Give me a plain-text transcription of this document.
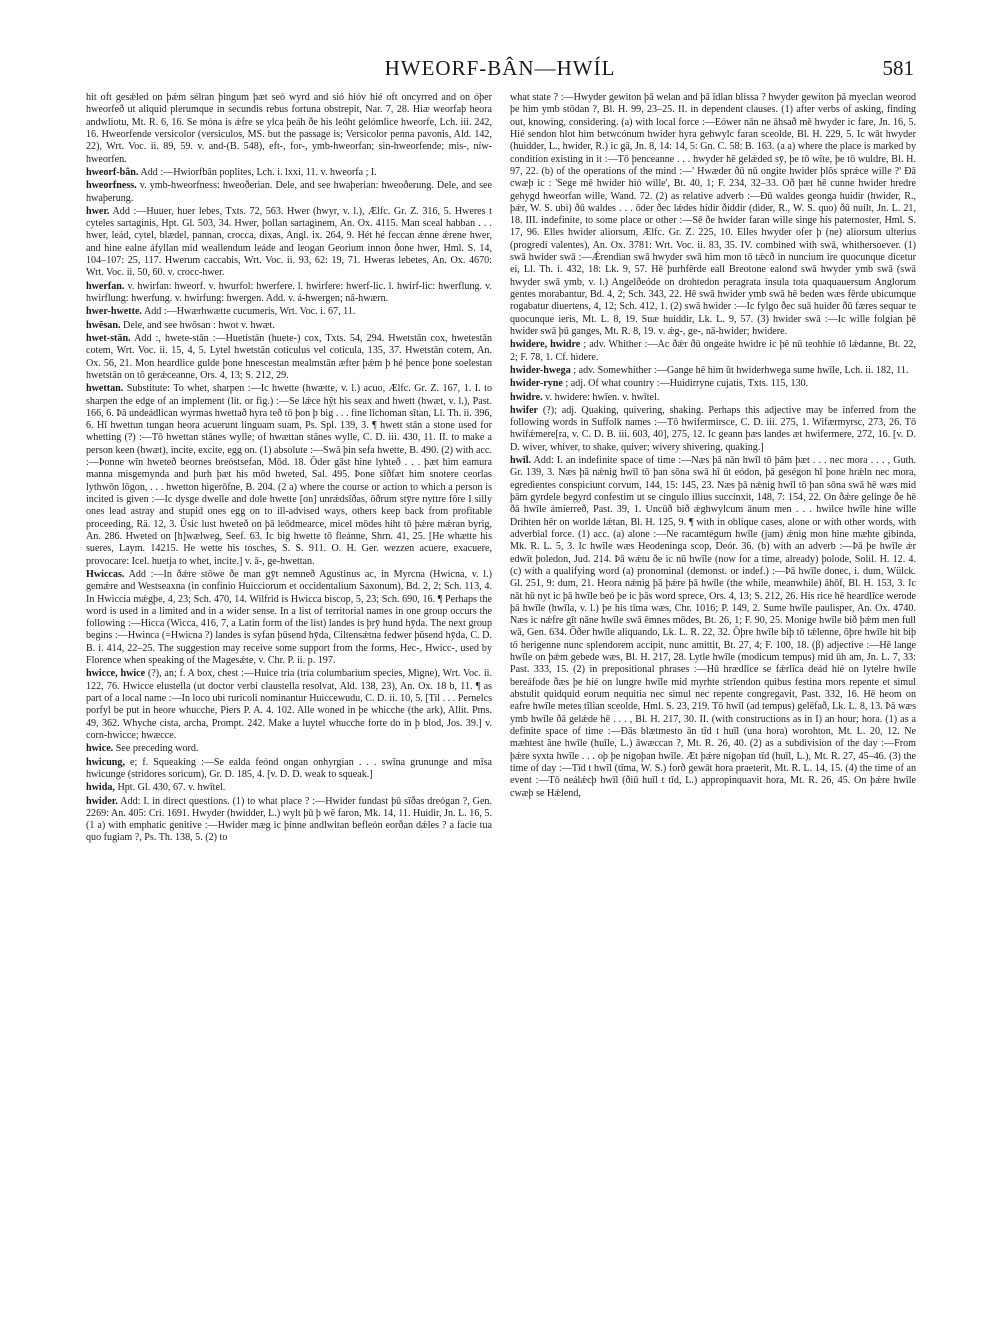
HWEORF-BÂN—HWÍL	581

hit oft gesǽled on þǽm sélran þingum þæt seó wyrd and sió hióv hié oft oncyrred and on óþer hweorfeð ut aliquid plerumque in secundis rebus fortuna obstrepit, Nar. 7, 28. Hiæ weorfaþ heora andwliotu, Mt. R. 6, 16. Se móna is ǽfre se ylca þeáh ðe his leóht gelómlice hweorfe, Lch. iii. 242, 16. Hweorfende versicolor (versiculos, MS. but the passage is; Versicolor penna pavonis, Ald. 142, 22), Wrt. Voc. ii. 89, 59. v. and-(B. 548), eft-, for-, ymb-hweorfan; sin-hweorfende; mis-, níw-hweorfen.

hweorf-bân. Add :—Hwiorfbân poplites, Lch. i. lxxi, 11. v. hweorfa ; I.

hweorfness. v. ymb-hweorfness: hweoðerian. Dele, and see hwaþerian: hweoðerung. Dele, and see hwaþerung.

hwer. Add :—Huuer, huer lebes, Txts. 72, 563. Hwer (hwyr, v. l.), Ælfc. Gr. Z. 316, 5. Hweres t cyteles sartaginis, Hpt. Gl. 503, 34. Hwer, þollan sartaginem, An. Ox. 4115. Man sceal habban . . . hwer, leád, cytel, blædel, pannan, crocca, dixas, Angl. ix. 264, 9. Hét hé feccan ǽnne ǽrene hwer, and hine ealne áfyllan mid weallendum leáde and leogan Georium innon ðone hwer, Hml. S. 14, 104–107: 25, 117. Hwerum caccabis, Wrt. Voc. ii. 93, 62: 19, 71. Hweras lebetes, An. Ox. 4670: Wrt. Voc. ii. 50, 60. v. crocc-hwer.

hwerfan. v. hwirfan: hweorf. v. hwurfol: hwerfere. l. hwirfere: hwerf-lic. l. hwirf-lic: hwerflung. v. hwirflung: hwerfung. v. hwirfung: hwergen. Add. v. á-hwergen; nâ-hwærn.

hwer-hwette. Add :—Hwærhwætte cucumeris, Wrt. Voc. i. 67, 11.

hwēsan. Dele, and see hwōsan : hwot v. hwæt.

hwet-stān. Add :, hwete-stān :—Huetistān (huete-) cox, Txts. 54, 294. Hwetstān cox, hwetestān cotem, Wrt. Voc. ii. 15, 4, 5. Lytel hwetstān coticulus vel coticula, 135, 37. Hwetstān cotem, An. Ox. 56, 21. Mon heardlice gulde þone hnescestan mealmstān æfter þǽm þ hé þence þone soelestan hwetstān on tō gerǽceanne, Ors. 4, 13; S. 212, 29.

hwettan. Substitute: To whet, sharpen :—Ic hwette (hwætte, v. l.) acuo, Ælfc. Gr. Z. 167, 1. I. to sharpen the edge of an implement (lit. or fig.) :—Se lǽce hŷt his seax and hwett (hwæt, v. l.), Past. 166, 6. Þā undeádlican wyrmas hwettað hyra teð tō þon þ big . . . fine līchoman sītan, Ll. Th. ii. 396, 6. Hī hwettun tungan heora acuerunt linguam suam, Ps. Spl. 139, 3. ¶ hwett stān a stone used for whetting (?) :—Tō hwettan stānes wylle; of hwættan stānes wylle, C. D. iii. 430, 11. II. to make a person keen (hwæt), incite, excite, egg on. (1) absolute :—Swā þin sefa hwette, B. 490. (2) with acc. :—Þonne wīn hweteð beornes breóstsefan, Mōd. 18. Ōder gāst hine lyhteð . . . þæt him eamura manna misgemynda and þurh þæt his mōd hweted, Sal. 495. Þone sīðfæt him snotere ceorlas lythwōn lōgon, . . . hwetton higerōfne, B. 204. (2 a) where the course or action to which a person is incited is given :—Ic dysge dwelle and dole hwette [on] unrǽdsīðas, ōðrum stȳre nyttre fōre I silly ones lead astray and stupid ones egg on to ill-advised ways, others keep back from profitable proceeding, Rä. 12, 3. Ūsic lust hweteð on þā leōdmearce, micel mōdes hiht tō þǽre mǽran byrig, An. 286. Hweted on [h]wælweg, Seef. 63. Ic big hwette tō fleánne, Shrn. 41, 25. [He whætte his sueres, Laym. 14215. He wette his tosches, S. S. 911. O. H. Ger. wezzen acuere, exacuere, provocare: Icel. huetja to whet, incite.] v. ā-, ge-hwettan.

Hwiccas. Add :—In ðǽre stōwe ðe man gȳt nemneð Agustinus ac, in Myrcna (Hwicna, v. l.) gemǽre and Westseaxna (in confinio Huicciorum et occidentalium Saxonum), Bd. 2, 2; Sch. 113, 4. In Hwiccia mǽgþe, 4, 23; Sch. 470, 14. Wilfrid is Hwicca biscop, 5, 23; Sch. 690, 16. ¶ Perhaps the word is used in a limited and in a wider sense. In a list of territorial names in one group occurs the following :—Hicca (Wicca, 416, 7, a Latin form of the list) landes is þrȳ hund hȳda. The next group begins :—Hwinca (=Hwicna ?) landes is syfan þūsend hȳda, Ciltensǽtna fedwer þūsend hȳda, C. D. B. i. 414, 22–25. The suggestion may receive some support from the forms, Hec-, Hwicc-, used by Florence when speaking of the Magesǽte, v. Chr. P. ii. p. 197.

hwicce, hwice (?), an; f. A box, chest :—Huice tria (tria columbarium species, Migne), Wrt. Voc. ii. 122, 76. Hwicce elustella (ut doctor verbi claustella resolvat, Ald. 138, 23), An. Ox. 18 b, 11. ¶ as part of a local name :—In loco ubi ruricoli nominantur Huiccewudu, C. D. ii. 10, 5. [Til . . . Pernelcs porfyl be put in heore whucche, Piers P. A. 4. 102. Alle woned in þe whicche (the ark), Allit. Pms. 49, 362. Whyche cista, archa, Prompt. 242. Make a luytel whucche forte do in þ blod, Jos. 39.] v. corn-hwicce; hwæcce.

hwice. See preceding word.

hwicung, e; f. Squeaking :—Se ealda feónd ongan onhyrgian . . . swīna grununge and mīsa hwicunge (stridores soricum), Gr. D. 185, 4. [v. D. D. weak to squeak.]

hwida, Hpt. Gl. 430, 67. v. hwītel.

hwider. Add: I. in direct questions. (1) to what place ? :—Hwider fundast þū sīðas dreógan ?, Gen. 2269: An. 405: Cri. 1691. Hwyder (hwidder, L.) wylt þū þ wē faron, Mk. 14, 11. Huidir, Jn. L. 16, 5. (1 a) with emphatic genitive :—Hwider mæg ic þinne andlwitan befleón eorðan dǽles ? a facie tua quo fugiam ?, Ps. Th. 138, 5. (2) to

what state ? :—Hwyder gewiton þā welan and þā īdlan blissa ? hwyder gewiton þā myeclan weorod þe him ymb stōdan ?, Bl. H. 99, 23–25. II. in dependent clauses. (1) after verbs of asking, finding out, knowing, considering. (a) with local force :—Eówer nān ne āhsað mē hwyder ic fare, Jn. 16, 5. Hié sendon hlot him betwcónum hwider hyra gehwylc faran sceolde, Bl. H. 229, 5. Ic wāt hwyder (huidder, L., hwider, R.) ic gā, Jn. 8, 14: 14, 5: Gn. C. 58: B. 163. (a a) where the place is marked by condition existing in it :—Tō þenceanne . . . hwyder hē gelǽded sȳ, þe tō wīte, þe tō wuldre, Bl. H. 97, 22. (b) of the operations of the mind :—' Hwæder ðū nū ongite hwider þlōs sprǽce wille ?' Ðā cwæþ ic : 'Sege mē hwider hió wille', Bt. 40, 1; F. 234, 32–33. Oð þæt hē cunne hwider hredre gehygd hweorfan wille, Wand. 72. (2) as relative adverb :—Ðū waldes geonga huidir (hwider, R., þǽr, W. S. ubi) ðū waldes . . . ōder ðec lǽdes hidir ðiddir (dider, R., W. S. quo) ðū nuilt, Jn. L. 21, 18. III. indefinite, to some place or other :—Sē ðe hwider faran wille singe his paternoster, Hml. S. 17, 96. Elles hwider aliorsum, Ælfc. Gr. Z. 225, 10. Elles hwyder ofer þ (ne) aliorsum ulterius (progredi valentes), An. Ox. 3781: Wrt. Voc. ii. 83, 35. IV. combined with swā, whithersoever. (1) swā hwider swā :—Ǽrendian swā hwyder swā him mon tō tǽcð in nuncium ire quocunque dicetur ei, Ll. Th. i. 432, 18: Lk. 9, 57. Hē þurhfērde eall Breotone ealond swā hwyder ymb swā (swā hwyder swā ymb, v. l.) Angelðeóde on drohtedon peragrata insula tota quaquauersum Anglorum gentes morabantur, Bd. 4, 2; Sch. 343, 22. Hē swā hwider ymb swā hē beden wæs fērde ubicumque rogabatur diuertens, 4, 12; Sch. 412, 1. (2) swā hwider :—Ic fylgo ðec suā huider ðū færes sequar te quocunque ieris, Mt. L. 8, 19. Suæ huiddir, Lk. L. 9, 57. (3) hwider swā :—Ic wille folgian þē hwider swā þū ganges, Mt. R. 8, 19. v. ǽg-, ge-, nā-hwider; hwidere.

hwidere, hwidre ; adv. Whither :—Ac ðǽr ðū ongeáte hwidre ic þē nū teohhie tō lǽdanne, Bt. 22, 2; F. 78, 1. Cf. hidere.

hwider-hwega ; adv. Somewhither :—Gange hē him ūt hwiderhwega sume hwīle, Lch. ii. 182, 11.

hwider-ryne ; adj. Of what country :—Huidirryne cujatis, Txts. 115, 130.

hwidre. v. hwidere: hwīen. v. hwītel.

hwifer (?); adj. Quaking, quivering, shaking. Perhaps this adjective may be inferred from the following words in Suffolk names :—Tō hwifermirsce, C. D. iii. 275, 1. Wifærmyrsc, 273, 26. Tō hwifǽmere[ra, v. C. D. B. iii. 603, 40], 275, 12. Ic geann þæs landes æt hwifermere, 272, 16. [v. D. D. wiver, whiver, to shake, quiver; wivery shivering, quaking.]

hwīl. Add: I. an indefinite space of time :—Næs þā nān hwīl tō þām þæt . . . nec mora . . . , Guth. Gr. 139, 3. Næs þā nǽnig hwīl tō þan sōna swā hī ūt eódon, þā geségon hī þone hrǽln nec mora, egredientes conspiciunt corvum, 144, 15: 145, 23. Næs þā nǽnig hwīl tō þan sōna swā hē wæs mid þām gyrdele begyrd confestim ut se cingulo illius succinxit, 148, 7: 154, 22. On ðǽre gelinge ðe hē ðā hwīle ámierreð, Past. 39, 1. Uncūð bið ǽghwylcum ānum men . . . hwilce hwīle hine wille Drihten hēr on worlde lǽtan, Bl. H. 125, 9. ¶ with in oblique cases, alone or with other words, with adverbial force. (1) acc. (a) alone :—Ne racamtégum hwīle (jam) ǽnig mon hine mæhte gibinda, Mk. R. L. 5, 3. Ic hwīle wæs Heodeninga scop, Deór. 36. (b) with an adverb :—Þā þe hwīle ǽr edwīt þoledon, Jud. 214. Þā wǽtu ðe ic nū hwīle (now for a time, already) þolode, Solil. H. 12. 4. (c) with a qualifying word (a) pronominal (demonst. or indef.) :—Þā hwīle donec, i. dum, Wülck. Gl. 251, 9: dum, 21. Heora nǽnig þā þǽre þā hwīle (the while, meanwhile) āhōf, Bl. H. 153, 3. Ic nāt hū nyt ic þā hwīle beó þe ic þās word sprece, Ors. 4, 13; S. 212, 26. His rice hē heardlīce werode þā hwīle (hwīla, v. l.) þe his tīma wæs, Chr. 1016; P. 149, 2. Sume hwīle paulisper, An. Ox. 4740. Næs ic nǽfre gīt nāne hwīle swā ēmnes mōdes, Bt. 26, 1; F. 90, 25. Monige hwīle bið þǽm men full wā, Gen. 634. Ōðer hwīle aliquando, Lk. L. R. 22, 32. Ōþre hwīle biþ tō tǽlenne, ōþre hwīle hit biþ tō herigenne nunc splendorem accipit, nunc amittit, Bt. 27, 4; F. 100, 18. (β) adjective :—Hē lange hwīle on þǽm gebede wæs, Bl. H. 217, 28. Lytle hwīle (modicum tempus) mid ūh am, Jn. L. 7, 33: Past. 333, 15. (2) in prepositional phrases :—Hū hrædlīce se fǽrlīca deád hié on lytelre hwīle bereáfode ðæs þe hié on lungre hwīle mid myrhte strīendon quibus festina mors repente et simul abstulit quidquid eorum nequitia nec simul nec repente congregavit, Past. 332, 16. Hē heom on eafre hwīle metes tīlian sceolde, Hml. S. 23, 219. Tō hwīl (ad tempus) gelēfað, Lk. L. 8, 13. Þā wæs ymb hwīle ðā gelǽde hē . . . , Bl. H. 217, 30. II. (with constructions as in I) an hour; hora. (1) as a definite space of time :—Ðās blætmesto ān tīd t huīl (una hora) worohton, Mt. L. 20, 12. Ne mæhtest āne hwīle (huīle, L.) āwæccan ?, Mt. R. 26, 40. (2) as a subdivision of the day :—From þǽre syxta hwīle . . . oþ þe nigoþan hwīle. Æt þǽre nigoþan tīd (huīl, L.), Mt. R. 27, 45–46. (3) the time of day :—Tīd t hwīl (tīma, W. S.) forð gewāt hora praeterit, Mt. R. L. 14, 15. (4) the time of an event :—Tō neálǽcþ hwīl (ðiū huīl t tīd, L.) appropinquavit hora, Mt. R. 26, 45. On þǽre hwīle cwæþ se Hǽlend,
